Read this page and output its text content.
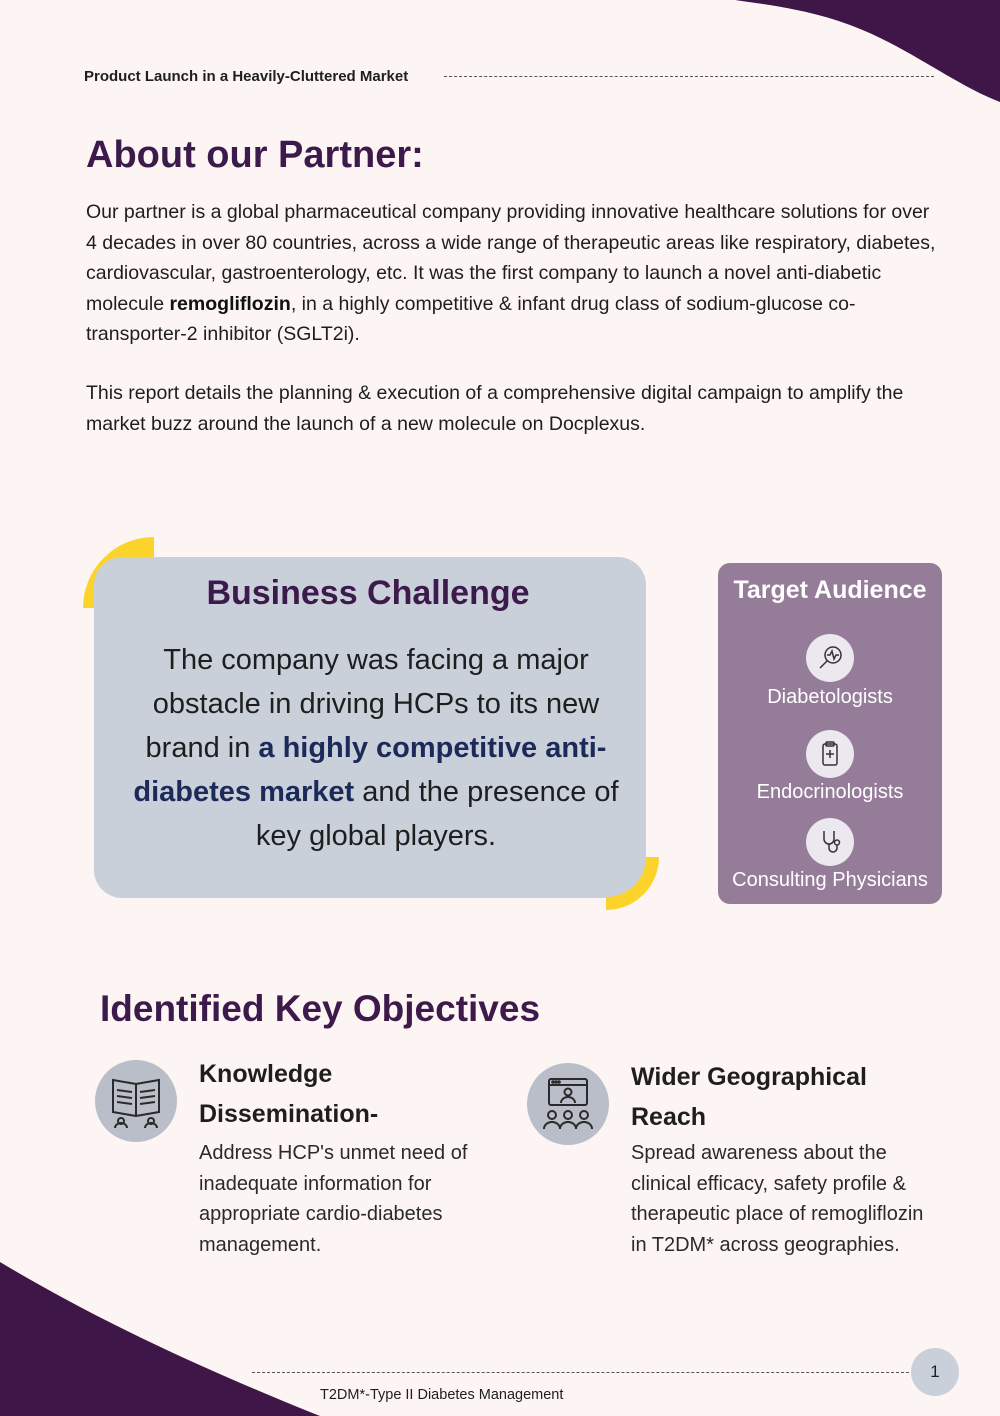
Product Launch in a Heavily-Cluttered Market
About our Partner:
Our partner is a global pharmaceutical company providing innovative healthcare solutions for over 4 decades in over 80 countries, across a wide range of therapeutic areas like respiratory, diabetes, cardiovascular, gastroenterology, etc. It was the first company to launch a novel anti-diabetic molecule remogliflozin, in a highly competitive & infant drug class of sodium-glucose co-transporter-2 inhibitor (SGLT2i).
This report details the planning & execution of a comprehensive digital campaign to amplify the market buzz around the launch of a new molecule on Docplexus.
Business Challenge
The company was facing a major obstacle in driving HCPs to its new brand in a highly competitive anti-diabetes market and the presence of key global players.
Target Audience
Diabetologists
Endocrinologists
Consulting Physicians
Identified Key Objectives
Knowledge Dissemination-
Address HCP's unmet need of inadequate information for appropriate cardio-diabetes management.
Wider Geographical Reach
Spread awareness about the clinical efficacy, safety profile & therapeutic place of remogliflozin in T2DM* across geographies.
T2DM*-Type II Diabetes Management
1
